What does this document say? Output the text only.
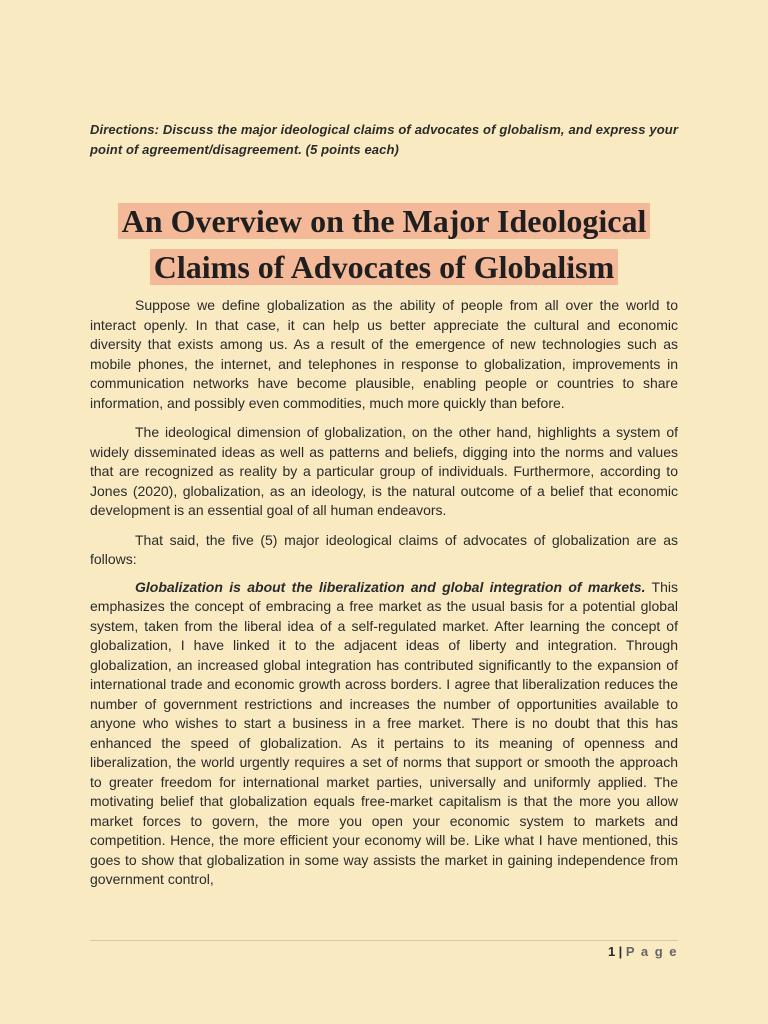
Directions: Discuss the major ideological claims of advocates of globalism, and express your point of agreement/disagreement. (5 points each)
An Overview on the Major Ideological
Claims of Advocates of Globalism

Suppose we define globalization as the ability of people from all over the world to interact openly. In that case, it can help us better appreciate the cultural and economic diversity that exists among us. As a result of the emergence of new technologies such as mobile phones, the internet, and telephones in response to globalization, improvements in communication networks have become plausible, enabling people or countries to share information, and possibly even commodities, much more quickly than before.

The ideological dimension of globalization, on the other hand, highlights a system of widely disseminated ideas as well as patterns and beliefs, digging into the norms and values that are recognized as reality by a particular group of individuals. Furthermore, according to Jones (2020), globalization, as an ideology, is the natural outcome of a belief that economic development is an essential goal of all human endeavors.

That said, the five (5) major ideological claims of advocates of globalization are as follows:

Globalization is about the liberalization and global integration of markets. This emphasizes the concept of embracing a free market as the usual basis for a potential global system, taken from the liberal idea of a self-regulated market. After learning the concept of globalization, I have linked it to the adjacent ideas of liberty and integration. Through globalization, an increased global integration has contributed significantly to the expansion of international trade and economic growth across borders. I agree that liberalization reduces the number of government restrictions and increases the number of opportunities available to anyone who wishes to start a business in a free market. There is no doubt that this has enhanced the speed of globalization. As it pertains to its meaning of openness and liberalization, the world urgently requires a set of norms that support or smooth the approach to greater freedom for international market parties, universally and uniformly applied. The motivating belief that globalization equals free-market capitalism is that the more you allow market forces to govern, the more you open your economic system to markets and competition. Hence, the more efficient your economy will be. Like what I have mentioned, this goes to show that globalization in some way assists the market in gaining independence from government control,

1 | P a g e
